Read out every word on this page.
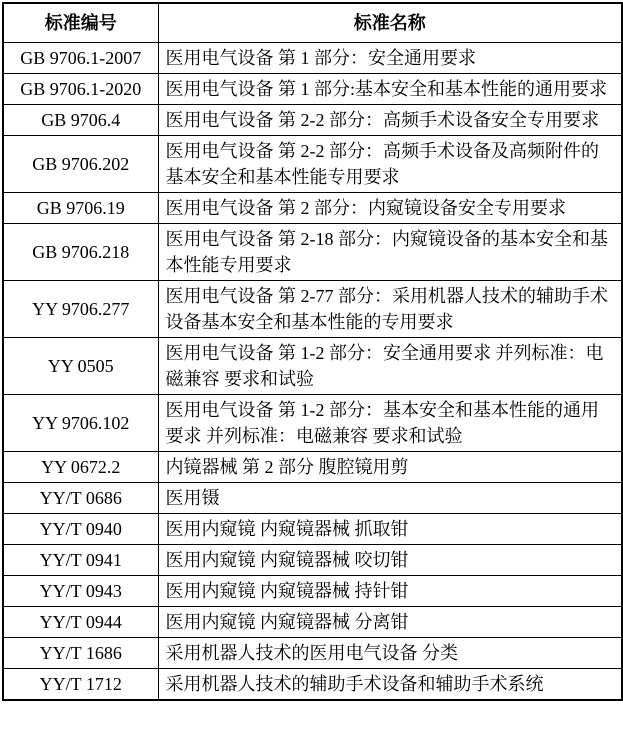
标准编号	标准名称
GB 9706.1-2007	医用电气设备 第 1 部分：安全通用要求
GB 9706.1-2020	医用电气设备 第 1 部分:基本安全和基本性能的通用要求
GB 9706.4	医用电气设备 第 2-2 部分：高频手术设备安全专用要求
GB 9706.202	医用电气设备 第 2-2 部分：高频手术设备及高频附件的基本安全和基本性能专用要求
GB 9706.19	医用电气设备 第 2 部分：内窥镜设备安全专用要求
GB 9706.218	医用电气设备 第 2-18 部分：内窥镜设备的基本安全和基本性能专用要求
YY 9706.277	医用电气设备 第 2-77 部分：采用机器人技术的辅助手术设备基本安全和基本性能的专用要求
YY 0505	医用电气设备 第 1-2 部分：安全通用要求 并列标准：电磁兼容 要求和试验
YY 9706.102	医用电气设备 第 1-2 部分：基本安全和基本性能的通用要求 并列标准：电磁兼容 要求和试验
YY 0672.2	内镜器械 第 2 部分 腹腔镜用剪
YY/T 0686	医用镊
YY/T 0940	医用内窥镜 内窥镜器械 抓取钳
YY/T 0941	医用内窥镜 内窥镜器械 咬切钳
YY/T 0943	医用内窥镜 内窥镜器械 持针钳
YY/T 0944	医用内窥镜 内窥镜器械 分离钳
YY/T 1686	采用机器人技术的医用电气设备 分类
YY/T 1712	采用机器人技术的辅助手术设备和辅助手术系统
